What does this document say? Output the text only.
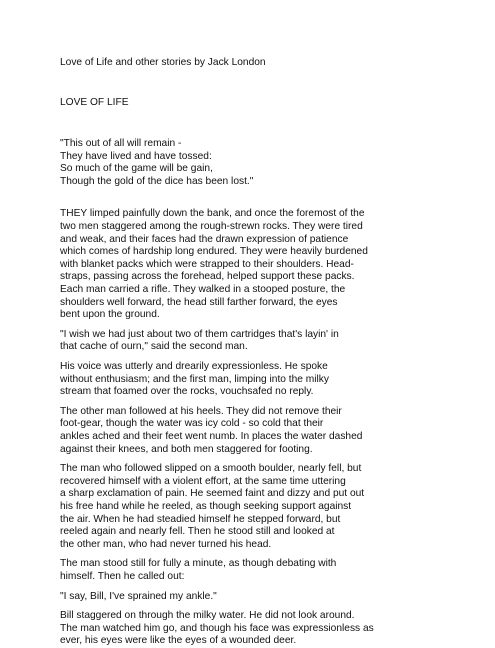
Love of Life and other stories by Jack London
LOVE OF LIFE
"This out of all will remain -
They have lived and have tossed:
So much of the game will be gain,
Though the gold of the dice has been lost."
THEY limped painfully down the bank, and once the foremost of the
two men staggered among the rough-strewn rocks. They were tired
and weak, and their faces had the drawn expression of patience
which comes of hardship long endured. They were heavily burdened
with blanket packs which were strapped to their shoulders. Head-
straps, passing across the forehead, helped support these packs.
Each man carried a rifle. They walked in a stooped posture, the
shoulders well forward, the head still farther forward, the eyes
bent upon the ground.
"I wish we had just about two of them cartridges that's layin' in
that cache of ourn," said the second man.
His voice was utterly and drearily expressionless. He spoke
without enthusiasm; and the first man, limping into the milky
stream that foamed over the rocks, vouchsafed no reply.
The other man followed at his heels. They did not remove their
foot-gear, though the water was icy cold - so cold that their
ankles ached and their feet went numb. In places the water dashed
against their knees, and both men staggered for footing.
The man who followed slipped on a smooth boulder, nearly fell, but
recovered himself with a violent effort, at the same time uttering
a sharp exclamation of pain. He seemed faint and dizzy and put out
his free hand while he reeled, as though seeking support against
the air. When he had steadied himself he stepped forward, but
reeled again and nearly fell. Then he stood still and looked at
the other man, who had never turned his head.
The man stood still for fully a minute, as though debating with
himself. Then he called out:
"I say, Bill, I've sprained my ankle."
Bill staggered on through the milky water. He did not look around.
The man watched him go, and though his face was expressionless as
ever, his eyes were like the eyes of a wounded deer.
